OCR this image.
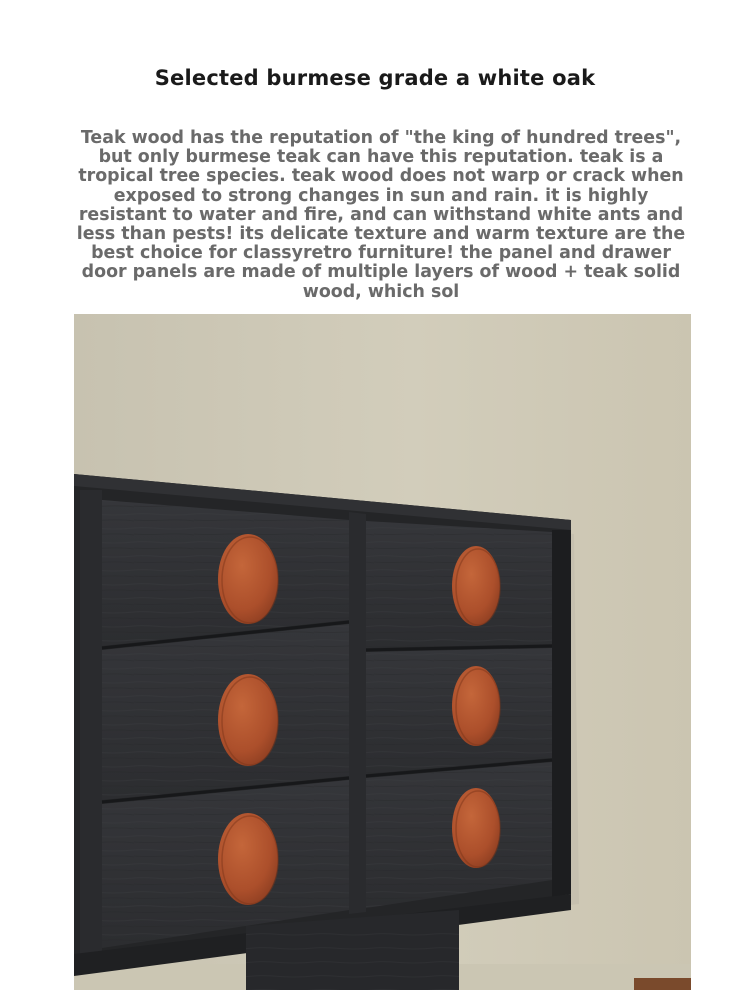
Selected burmese grade a white oak
Teak wood has the reputation of "the king of hundred trees", but only burmese teak can have this reputation. teak is a tropical tree species. teak wood does not warp or crack when exposed to strong changes in sun and rain. it is highly resistant to water and fire, and can withstand white ants and less than pests! its delicate texture and warm texture are the best choice for classyretro furniture! the panel and drawer door panels are made of multiple layers of wood + teak solid wood, which sol
